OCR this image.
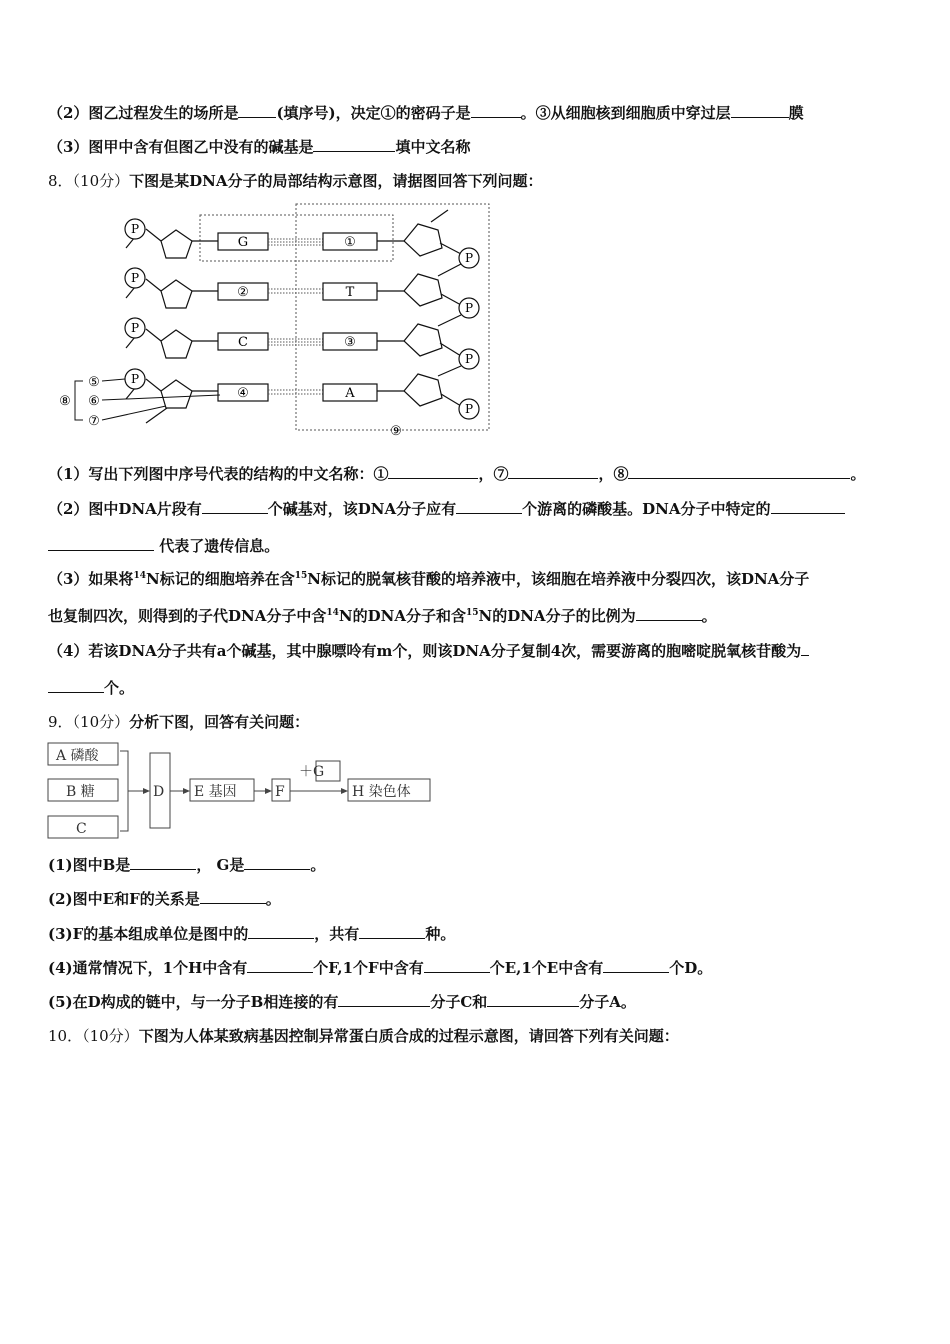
（2）图乙过程发生的场所是	(填序号)，决定①的密码子是	。③从细胞核到细胞质中穿过层	膜
（3）图甲中含有但图乙中没有的碱基是	填中文名称
8．（10分）下图是某DNA分子的局部结构示意图，请据图回答下列问题：
P
P
P
P
G
②
C
④
①
T
③
A
P
P
P
P
⑤
⑥
⑦
⑧
⑨
（1）写出下列图中序号代表的结构的中文名称：①	，⑦	，⑧	。
（2）图中DNA片段有	个碱基对，该DNA分子应有	个游离的磷酸基。DNA分子中特定的
代表了遗传信息。
（3）如果将$^{14}$N标记的细胞培养在含$^{15}$N标记的脱氧核苷酸的培养液中，该细胞在培养液中分裂四次，该DNA分子
也复制四次，则得到的子代DNA分子中含$^{14}$N的DNA分子和含$^{15}$N的DNA分子的比例为	。
（4）若该DNA分子共有a个碱基，其中腺嘌呤有m个，则该DNA分子复制4次，需要游离的胞嘧啶脱氧核苷酸为
个。
9．（10分）分析下图，回答有关问题：
A 磷酸
B 糖
C
D E 基因	F
＋G
H 染色体
(1)图中B是	， G是	。
(2)图中E和F的关系是	。
(3)F的基本组成单位是图中的	，共有	种。
(4)通常情况下，1个H中含有	个F,1个F中含有	个E,1个E中含有	个D。
(5)在D构成的链中，与一分子B相连接的有	分子C和	分子A。
10．（10分）下图为人体某致病基因控制异常蛋白质合成的过程示意图，请回答下列有关问题：
